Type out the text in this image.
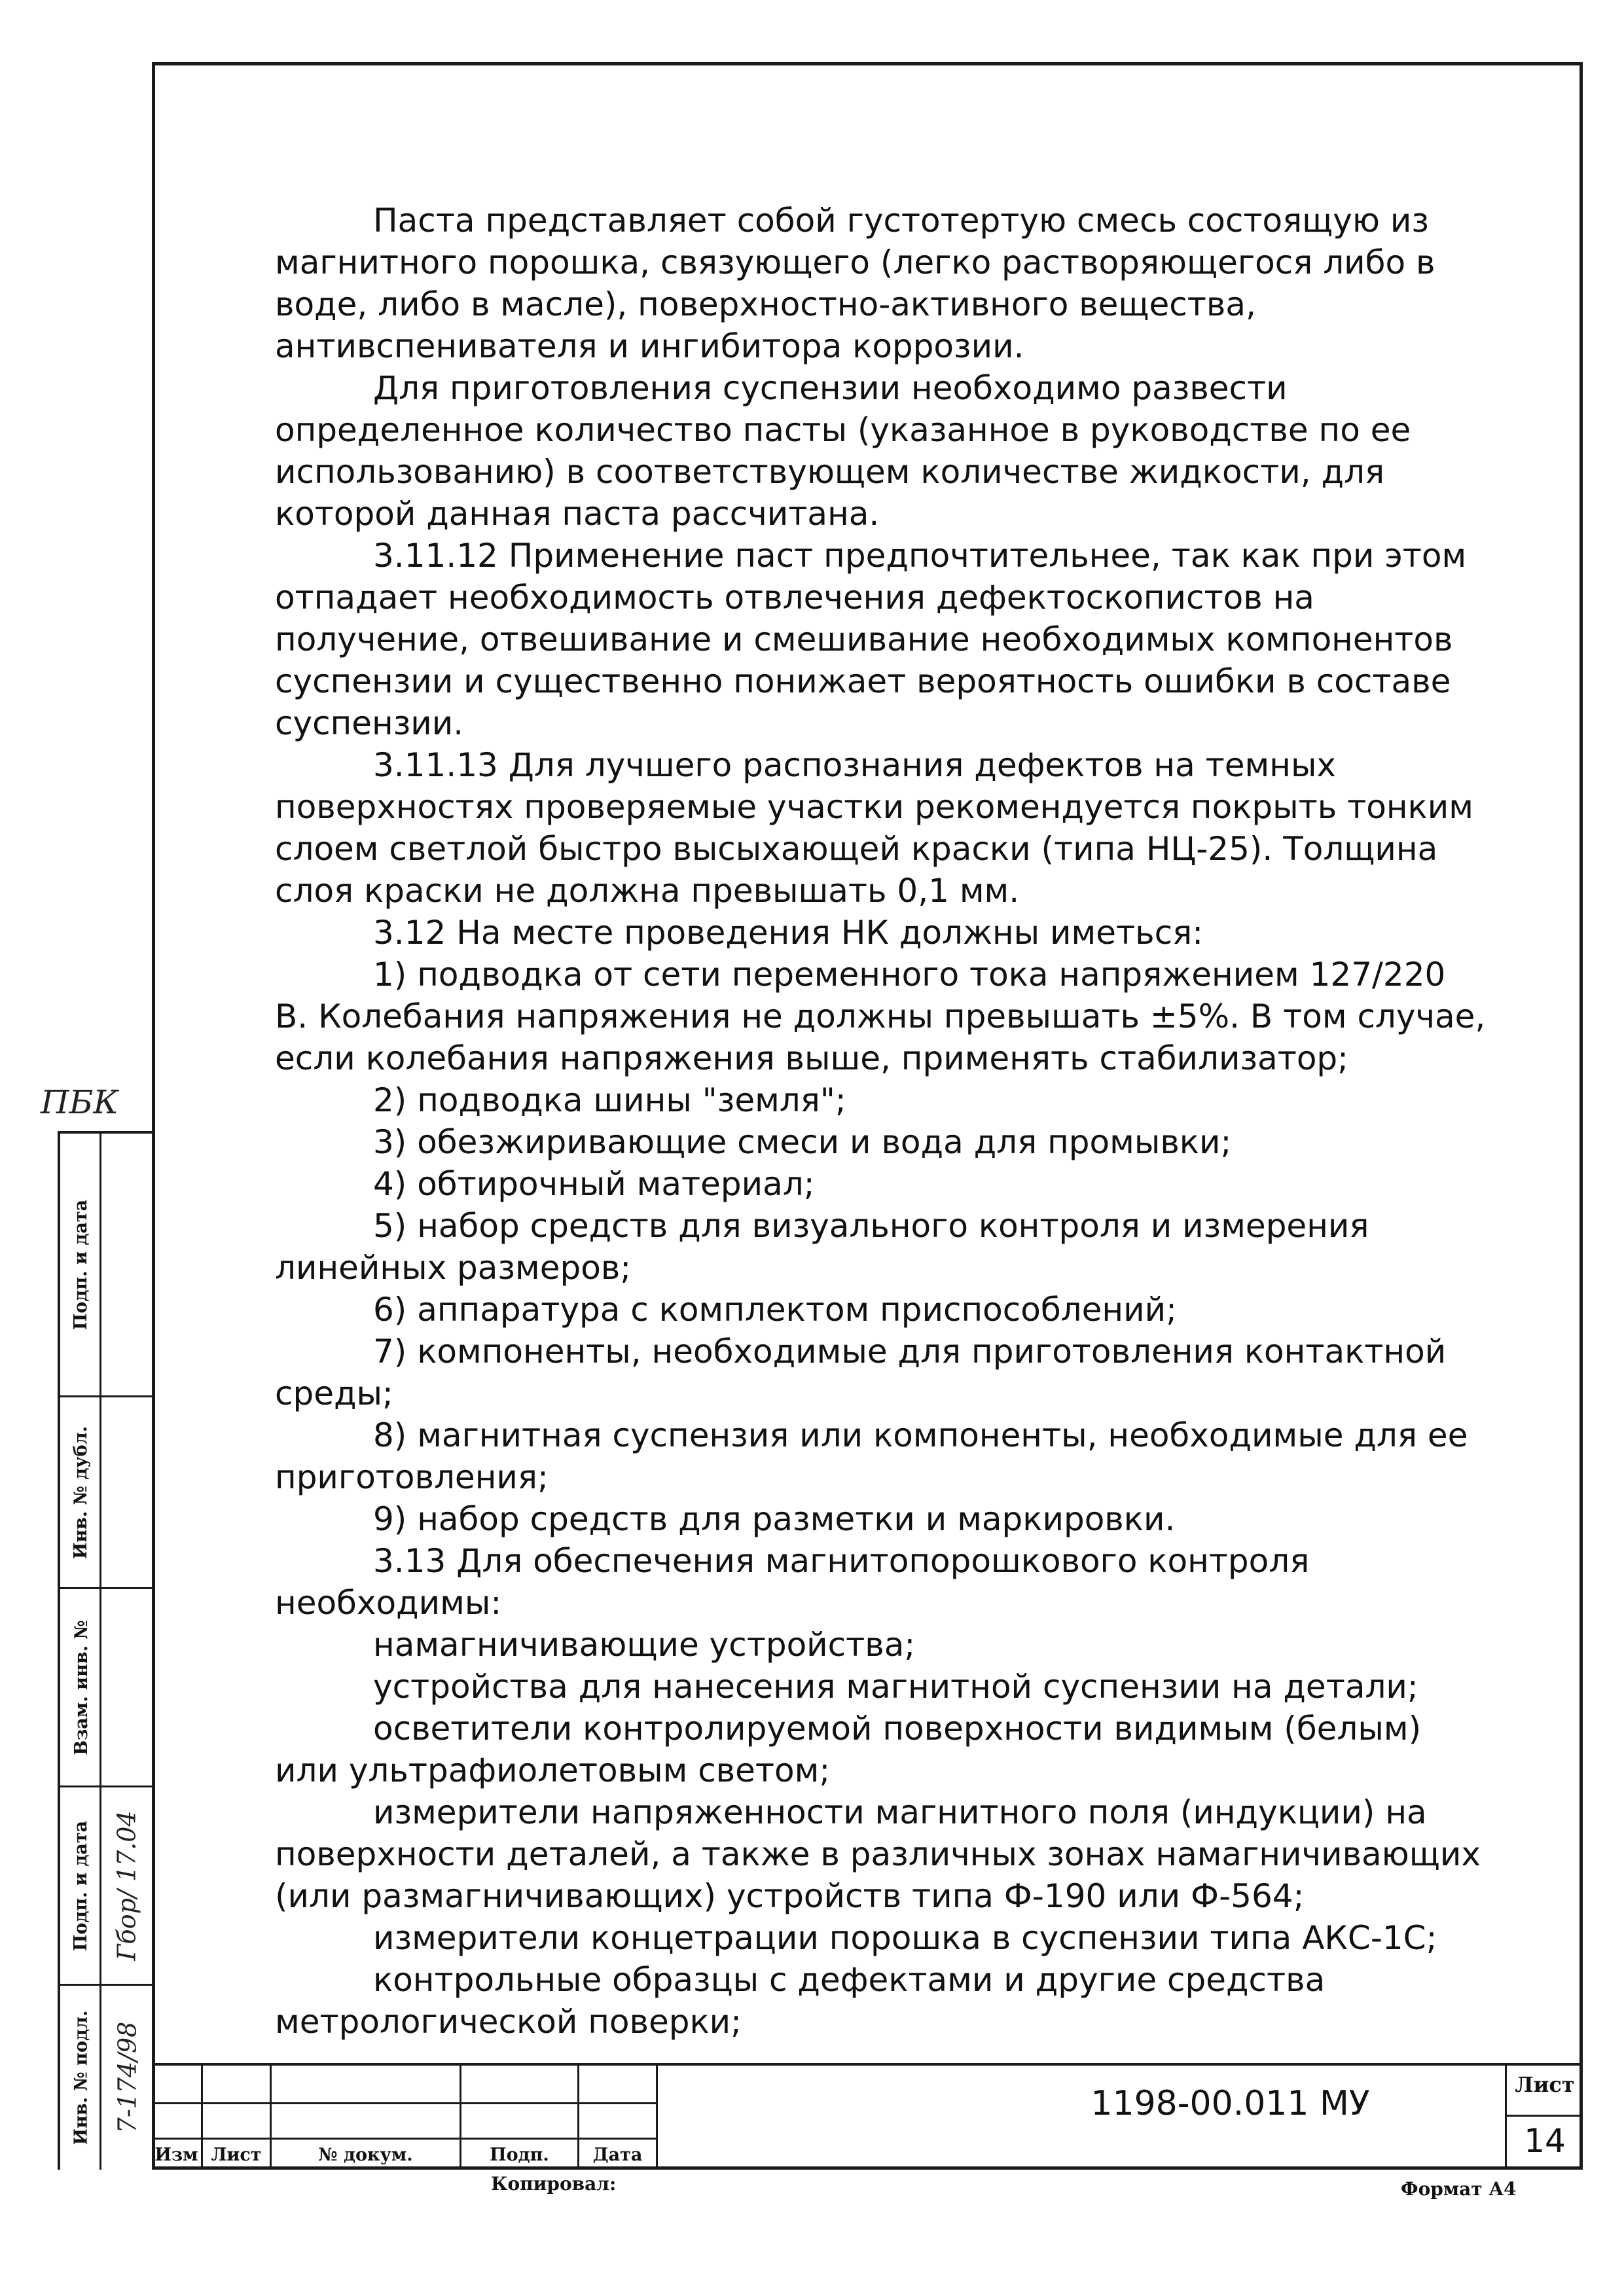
ПБК

Паста представляет собой густотертую смесь состоящую из магнитного порошка, связующего (легко растворяющегося либо в воде, либо в масле), поверхностно-активного вещества, антивспенивателя и ингибитора коррозии.

Для приготовления суспензии необходимо развести определенное количество пасты (указанное в руководстве по ее использованию) в соответствующем количестве жидкости, для которой данная паста рассчитана.

3.11.12 Применение паст предпочтительнее, так как при этом отпадает необходимость отвлечения дефектоскопистов на получение, отвешивание и смешивание необходимых компонентов суспензии и существенно понижает вероятность ошибки в составе суспензии.

3.11.13 Для лучшего распознания дефектов на темных поверхностях проверяемые участки рекомендуется покрыть тонким слоем светлой быстро высыхающей краски (типа НЦ-25). Толщина слоя краски не должна превышать 0,1 мм.

3.12 На месте проведения НК должны иметься:

1) подводка от сети переменного тока напряжением 127/220 В. Колебания напряжения не должны превышать ±5%. В том случае, если колебания напряжения выше, применять стабилизатор;

2) подводка шины "земля";

3) обезжиривающие смеси и вода для промывки;

4) обтирочный материал;

5) набор средств для визуального контроля и измерения линейных размеров;

6) аппаратура с комплектом приспособлений;

7) компоненты, необходимые для приготовления контактной среды;

8) магнитная суспензия или компоненты, необходимые для ее приготовления;

9) набор средств для разметки и маркировки.

3.13 Для обеспечения магнитопорошкового контроля необходимы:

намагничивающие устройства;

устройства для нанесения магнитной суспензии на детали;

осветители контролируемой поверхности видимым (белым) или ультрафиолетовым светом;

измерители напряженности магнитного поля (индукции) на поверхности деталей, а также в различных зонах намагничивающих (или размагничивающих) устройств типа Ф-190 или Ф-564;

измерители концетрации порошка в суспензии типа АКС-1С;

контрольные образцы с дефектами и другие средства метрологической поверки;

Подп. и дата
Инв. № дубл.
Взам. инв. №
Подп. и дата Гбор/ 17.04
Инв. № подл. 7-174/98
Изм Лист	№ докум.	Подп.	Дата
1198-00.011 МУ	Лист
14
Копировал:	Формат А4
